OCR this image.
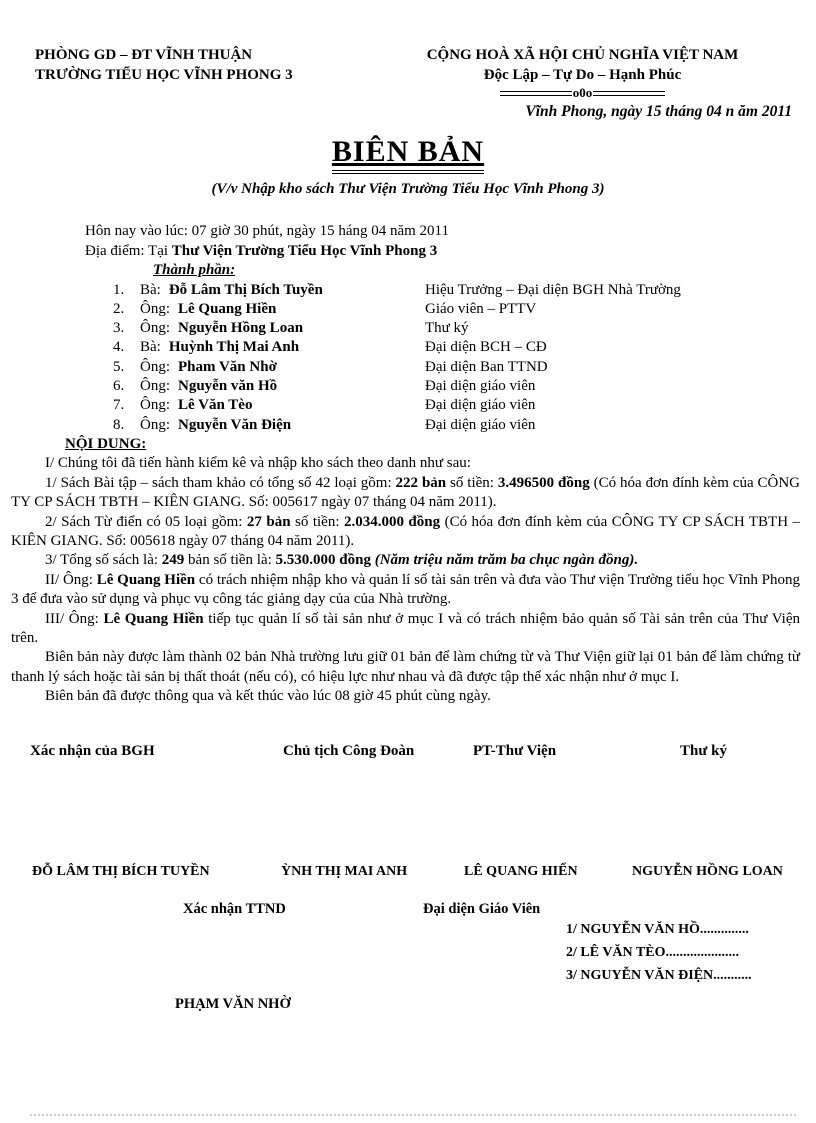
PHÒNG GD – ĐT VĨNH THUẬN
TRƯỜNG TIỂU HỌC VĨNH PHONG 3
CỘNG HOÀ XÃ HỘI CHỦ NGHĨA VIỆT NAM
Độc Lập – Tự Do – Hạnh Phúc
o0o
Vĩnh Phong, ngày 15 tháng 04 n ăm 2011
BIÊN BẢN
(V/v Nhập kho sách Thư Viện Trường Tiểu Học Vĩnh Phong 3)
Hôn nay vào lúc: 07 giờ 30 phút, ngày 15 háng 04 năm 2011
Địa điểm: Tại Thư Viện Trường Tiểu Học Vĩnh Phong 3
Thành phần:
1. Bà: Đỗ Lâm Thị Bích Tuyền	Hiệu Trưởng – Đại diện BGH Nhà Trường
2. Ông: Lê Quang Hiền	Giáo viên – PTTV
3. Ông: Nguyễn Hồng Loan	Thư ký
4. Bà: Huỳnh Thị Mai Anh	Đại diện BCH – CĐ
5. Ông: Pham Văn Nhờ	Đại diện Ban TTND
6. Ông: Nguyễn văn Hồ	Đại diện giáo viên
7. Ông: Lê Văn Tèo	Đại diện giáo viên
8. Ông: Nguyễn Văn Điện	Đại diện giáo viên
NỘI DUNG:

I/ Chúng tôi đã tiến hành kiểm kê và nhập kho sách theo danh như sau:

1/ Sách Bài tập – sách tham khảo có tổng số 42 loại gồm: 222 bản số tiền: 3.496500 đồng (Có hóa đơn đính kèm của CÔNG TY CP SÁCH TBTH – KIÊN GIANG. Số: 005617 ngày 07 tháng 04 năm 2011).

2/ Sách Từ điển có 05 loại gồm: 27 bản số tiền: 2.034.000 đồng (Có hóa đơn đính kèm của CÔNG TY CP SÁCH TBTH – KIÊN GIANG. Số: 005618 ngày 07 tháng 04 năm 2011).

3/ Tổng số sách là: 249 bản số tiền là: 5.530.000 đồng (Năm triệu năm trăm ba chục ngàn đồng).

II/ Ông: Lê Quang Hiền có trách nhiệm nhập kho và quản lí số tài sản trên và đưa vào Thư viện Trường tiểu học Vĩnh Phong 3 để đưa vào sử dụng và phục vụ công tác giảng dạy của của Nhà trường.

III/ Ông: Lê Quang Hiền tiếp tục quản lí số tài sản như ở mục I và có trách nhiệm bảo quản số Tài sản trên của Thư Viện trên.

Biên bản này được làm thành 02 bản Nhà trường lưu giữ 01 bản để làm chứng từ và Thư Viện giữ lại 01 bản để làm chứng từ thanh lý sách hoặc tài sản bị thất thoát (nếu có), có hiệu lực như nhau và đã được tập thể xác nhận như ở mục I.

Biên bản đã được thông qua và kết thúc vào lúc 08 giờ 45 phút cùng ngày.

Xác nhận của BGH	Chủ tịch Công Đoàn	PT-Thư Viện	Thư ký
ĐỖ LÂM THỊ BÍCH TUYỀN	ỲNH THỊ MAI ANH	LÊ QUANG HIỂN	NGUYỄN HỒNG LOAN
Xác nhận TTND	Đại diện Giáo Viên
1/ NGUYỄN VĂN HỒ..............
2/ LÊ VĂN TÈO.....................
3/ NGUYỄN VĂN ĐIỆN...........
PHẠM VĂN NHỜ
